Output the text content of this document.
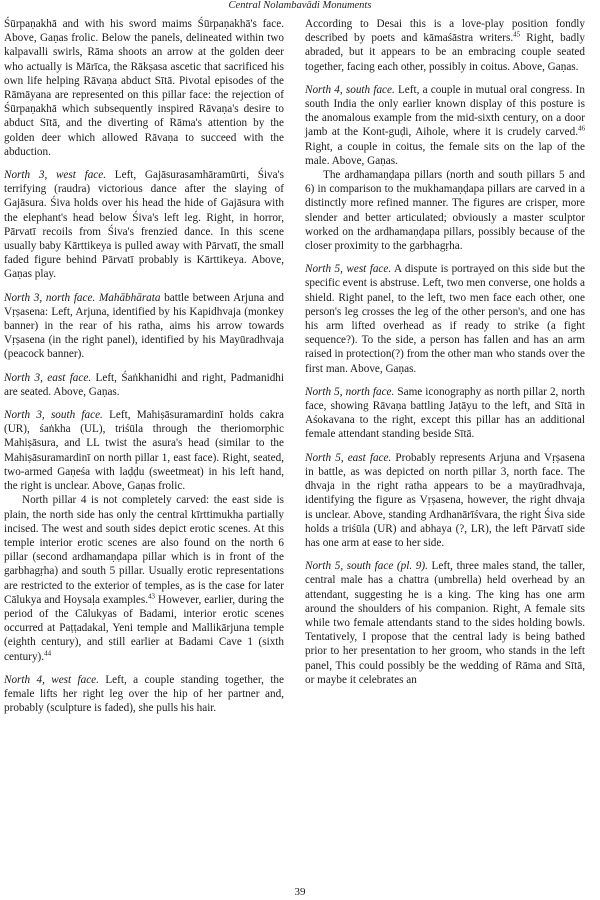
Central Nolambavādi Monuments

Śūrpaṇakhā and with his sword maims Śūrpaṇakhā's face. Above, Gaṇas frolic. Below the panels, delineated within two kalpavalli swirls, Rāma shoots an arrow at the golden deer who actually is Mārīca, the Rākṣasa ascetic that sacrificed his own life helping Rāvaṇa abduct Sītā. Pivotal episodes of the Rāmāyana are represented on this pillar face: the rejection of Śūrpaṇakhā which subsequently inspired Rāvaṇa's desire to abduct Sītā, and the diverting of Rāma's attention by the golden deer which allowed Rāvaṇa to succeed with the abduction.

North 3, west face. Left, Gajāsurasamhāramūrti, Śiva's terrifying (raudra) victorious dance after the slaying of Gajāsura. Śiva holds over his head the hide of Gajāsura with the elephant's head below Śiva's left leg. Right, in horror, Pārvatī recoils from Śiva's frenzied dance. In this scene usually baby Kārttikeya is pulled away with Pārvatī, the small faded figure behind Pārvatī probably is Kārttikeya. Above, Gaṇas play.

North 3, north face. Mahābhārata battle between Arjuna and Vṛṣasena: Left, Arjuna, identified by his Kapidhvaja (monkey banner) in the rear of his ratha, aims his arrow towards Vṛṣasena (in the right panel), identified by his Mayūradhvaja (peacock banner).

North 3, east face. Left, Śaṅkhanidhi and right, Padmanidhi are seated. Above, Gaṇas.

North 3, south face. Left, Mahiṣāsuramardinī holds cakra (UR), śaṅkha (UL), triśūla through the theriomorphic Mahiṣāsura, and LL twist the asura's head (similar to the Mahiṣāsuramardinī on north pillar 1, east face). Right, seated, two-armed Gaṇeśa with laḍḍu (sweetmeat) in his left hand, the right is unclear. Above, Gaṇas frolic.

North pillar 4 is not completely carved: the east side is plain, the north side has only the central kīrttimukha partially incised. The west and south sides depict erotic scenes. At this temple interior erotic scenes are also found on the north 6 pillar (second ardhamaṇḍapa pillar which is in front of the garbhagṛha) and south 5 pillar. Usually erotic representations are restricted to the exterior of temples, as is the case for later Cālukya and Hoysaḷa examples.$^{43}$ However, earlier, during the period of the Cālukyas of Badami, interior erotic scenes occurred at Paṭṭadakal, Yeni temple and Mallikārjuna temple (eighth century), and still earlier at Badami Cave 1 (sixth century).$^{44}$

North 4, west face. Left, a couple standing together, the female lifts her right leg over the hip of her partner and, probably (sculpture is faded), she pulls his hair.

According to Desai this is a love-play position fondly described by poets and kāmaśāstra writers.$^{45}$ Right, badly abraded, but it appears to be an embracing couple seated together, facing each other, possibly in coitus. Above, Gaṇas.

North 4, south face. Left, a couple in mutual oral congress. In south India the only earlier known display of this posture is the anomalous example from the mid-sixth century, on a door jamb at the Kont-guḍi, Aihole, where it is crudely carved.$^{46}$ Right, a couple in coitus, the female sits on the lap of the male. Above, Gaṇas.

The ardhamaṇḍapa pillars (north and south pillars 5 and 6) in comparison to the mukhamaṇḍapa pillars are carved in a distinctly more refined manner. The figures are crisper, more slender and better articulated; obviously a master sculptor worked on the ardhamaṇḍapa pillars, possibly because of the closer proximity to the garbhagṛha.

North 5, west face. A dispute is portrayed on this side but the specific event is abstruse. Left, two men converse, one holds a shield. Right panel, to the left, two men face each other, one person's leg crosses the leg of the other person's, and one has his arm lifted overhead as if ready to strike (a fight sequence?). To the side, a person has fallen and has an arm raised in protection(?) from the other man who stands over the first man. Above, Gaṇas.

North 5, north face. Same iconography as north pillar 2, north face, showing Rāvaṇa battling Jaṭāyu to the left, and Sītā in Aśokavana to the right, except this pillar has an additional female attendant standing beside Sītā.

North 5, east face. Probably represents Arjuna and Vṛṣasena in battle, as was depicted on north pillar 3, north face. The dhvaja in the right ratha appears to be a mayūradhvaja, identifying the figure as Vṛṣasena, however, the right dhvaja is unclear. Above, standing Ardhanārīśvara, the right Śiva side holds a triśūla (UR) and abhaya (?, LR), the left Pārvatī side has one arm at ease to her side.

North 5, south face (pl. 9). Left, three males stand, the taller, central male has a chattra (umbrella) held overhead by an attendant, suggesting he is a king. The king has one arm around the shoulders of his companion. Right, A female sits while two female attendants stand to the sides holding bowls. Tentatively, I propose that the central lady is being bathed prior to her presentation to her groom, who stands in the left panel, This could possibly be the wedding of Rāma and Sītā, or maybe it celebrates an

39
